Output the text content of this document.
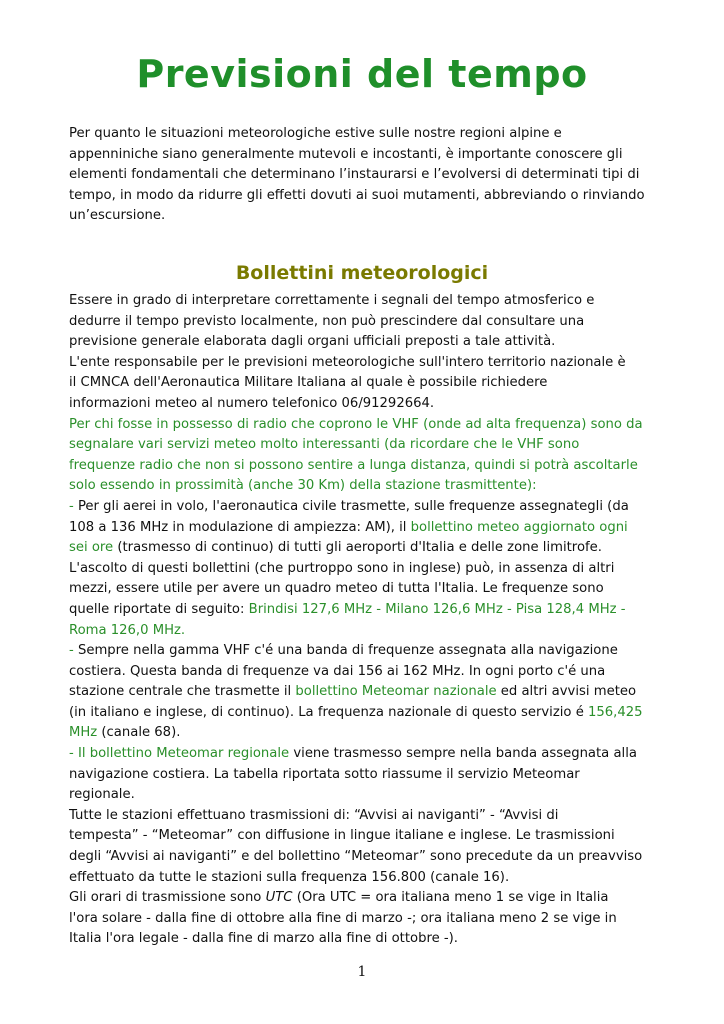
Previsioni del tempo
Per quanto le situazioni meteorologiche estive sulle nostre regioni alpine e
appenniniche siano generalmente mutevoli e incostanti, è importante conoscere gli
elementi fondamentali che determinano l’instaurarsi e l’evolversi di determinati tipi di
tempo, in modo da ridurre gli effetti dovuti ai suoi mutamenti, abbreviando o rinviando
un’escursione.
Bollettini meteorologici
Essere in grado di interpretare correttamente i segnali del tempo atmosferico e
dedurre il tempo previsto localmente, non può prescindere dal consultare una
previsione generale elaborata dagli organi ufficiali preposti a tale attività.
L'ente responsabile per le previsioni meteorologiche sull'intero territorio nazionale è
il CMNCA dell'Aeronautica Militare Italiana al quale è possibile richiedere
informazioni meteo al numero telefonico 06/91292664.
Per chi fosse in possesso di radio che coprono le VHF (onde ad alta frequenza) sono da
segnalare vari servizi meteo molto interessanti (da ricordare che le VHF sono
frequenze radio che non si possono sentire a lunga distanza, quindi si potrà ascoltarle
solo essendo in prossimità (anche 30 Km) della stazione trasmittente):
- Per gli aerei in volo, l'aeronautica civile trasmette, sulle frequenze assegnategli (da
108 a 136 MHz in modulazione di ampiezza: AM), il bollettino meteo aggiornato ogni
sei ore (trasmesso di continuo) di tutti gli aeroporti d'Italia e delle zone limitrofe.
L'ascolto di questi bollettini (che purtroppo sono in inglese) può, in assenza di altri
mezzi, essere utile per avere un quadro meteo di tutta l'Italia. Le frequenze sono
quelle riportate di seguito: Brindisi 127,6 MHz - Milano 126,6 MHz - Pisa 128,4 MHz -
Roma 126,0 MHz.
- Sempre nella gamma VHF c'é una banda di frequenze assegnata alla navigazione
costiera. Questa banda di frequenze va dai 156 ai 162 MHz. In ogni porto c'é una
stazione centrale che trasmette il bollettino Meteomar nazionale ed altri avvisi meteo
(in italiano e inglese, di continuo). La frequenza nazionale di questo servizio é 156,425
MHz (canale 68).
- Il bollettino Meteomar regionale viene trasmesso sempre nella banda assegnata alla
navigazione costiera. La tabella riportata sotto riassume il servizio Meteomar
regionale.
Tutte le stazioni effettuano trasmissioni di: “Avvisi ai naviganti” - “Avvisi di
tempesta” - “Meteomar” con diffusione in lingue italiane e inglese. Le trasmissioni
degli “Avvisi ai naviganti” e del bollettino “Meteomar” sono precedute da un preavviso
effettuato da tutte le stazioni sulla frequenza 156.800 (canale 16).
Gli orari di trasmissione sono UTC (Ora UTC = ora italiana meno 1 se vige in Italia
l'ora solare - dalla fine di ottobre alla fine di marzo -; ora italiana meno 2 se vige in
Italia l'ora legale - dalla fine di marzo alla fine di ottobre -).
1
